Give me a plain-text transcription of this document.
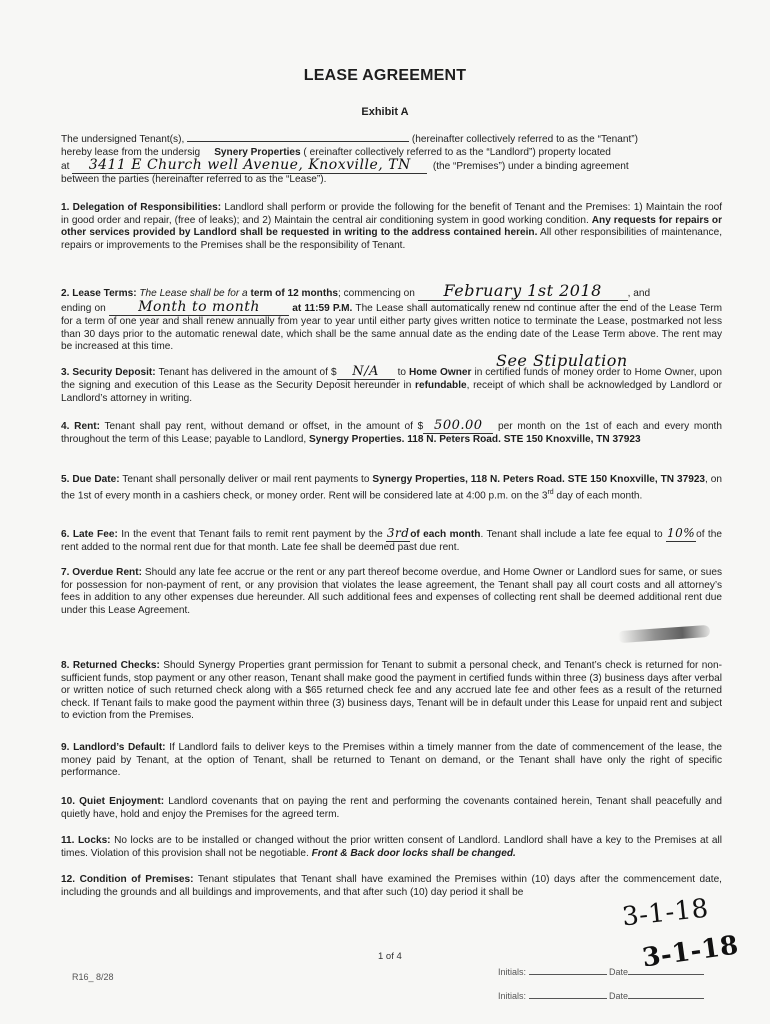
LEASE AGREEMENT
Exhibit A

The undersigned Tenant(s),	(hereinafter collectively referred to as the “Tenant”)

hereby lease from the undersig Synery Properties ( ereinafter collectively referred to as the “Landlord”) property located

at 3411 E Church well Avenue, Knoxville, TN (the “Premises”) under a binding agreement

between the parties (hereinafter referred to as the “Lease”).

1. Delegation of Responsibilities: Landlord shall perform or provide the following for the benefit of Tenant and the Premises: 1) Maintain the roof in good order and repair, (free of leaks); and 2) Maintain the central air conditioning system in good working condition. Any requests for repairs or other services provided by Landlord shall be requested in writing to the address contained herein. All other responsibilities of maintenance, repairs or improvements to the Premises shall be the responsibility of Tenant.

2. Lease Terms: The Lease shall be for a term of 12 months; commencing on February 1st 2018	, and

ending on Month to month	at 11:59 P.M. The Lease shall automatically renew nd continue after the end of the Lease Term for a term of one year and shall renew annually from year to year until either party gives written notice to terminate the Lease, postmarked not less than 30 days prior to the automatic renewal date, which shall be the same annual date as the ending date of the Lease Term above. The rent may be increased at this time.

See Stipulation

3. Security Deposit: Tenant has delivered in the amount of $ N/A to Home Owner in certified funds or money order to Home Owner, upon the signing and execution of this Lease as the Security Deposit hereunder in refundable, receipt of which shall be acknowledged by Landlord or Landlord’s attorney in writing.

4. Rent: Tenant shall pay rent, without demand or offset, in the amount of $ 500.00 per month on the 1st of each and every month throughout the term of this Lease; payable to Landlord, Synergy Properties. 118 N. Peters Road. STE 150 Knoxville, TN 37923

5. Due Date: Tenant shall personally deliver or mail rent payments to Synergy Properties, 118 N. Peters Road. STE 150 Knoxville, TN 37923, on the 1st of every month in a cashiers check, or money order. Rent will be considered late at 4:00 p.m. on the 3rd day of each month.

6. Late Fee: In the event that Tenant fails to remit rent payment by the 3rdof each month. Tenant shall include a late fee equal to 10%of the rent added to the normal rent due for that month. Late fee shall be deemed past due rent.

7. Overdue Rent: Should any late fee accrue or the rent or any part thereof become overdue, and Home Owner or Landlord sues for same, or sues for possession for non-payment of rent, or any provision that violates the lease agreement, the Tenant shall pay all court costs and all attorney’s fees in addition to any other expenses due hereunder. All such additional fees and expenses of collecting rent shall be deemed additional rent due under this Lease Agreement.

8. Returned Checks: Should Synergy Properties grant permission for Tenant to submit a personal check, and Tenant’s check is returned for non-sufficient funds, stop payment or any other reason, Tenant shall make good the payment in certified funds within three (3) business days after verbal or written notice of such returned check along with a $65 returned check fee and any accrued late fee and other fees as a result of the returned check. If Tenant fails to make good the payment within three (3) business days, Tenant will be in default under this Lease for unpaid rent and subject to eviction from the Premises.

9. Landlord’s Default: If Landlord fails to deliver keys to the Premises within a timely manner from the date of commencement of the lease, the money paid by Tenant, at the option of Tenant, shall be returned to Tenant on demand, or the Tenant shall have only the right of specific performance.

10. Quiet Enjoyment: Landlord covenants that on paying the rent and performing the covenants contained herein, Tenant shall peacefully and quietly have, hold and enjoy the Premises for the agreed term.

11. Locks: No locks are to be installed or changed without the prior written consent of Landlord. Landlord shall have a key to the Premises at all times. Violation of this provision shall not be negotiable. Front & Back door locks shall be changed.

12. Condition of Premises: Tenant stipulates that Tenant shall have examined the Premises within (10) days after the commencement date, including the grounds and all buildings and improvements, and that after such (10) day period it shall be

3-1-18
3-1-18
1 of 4
R16_ 8/28	Initials:	Date
Initials:	Date
